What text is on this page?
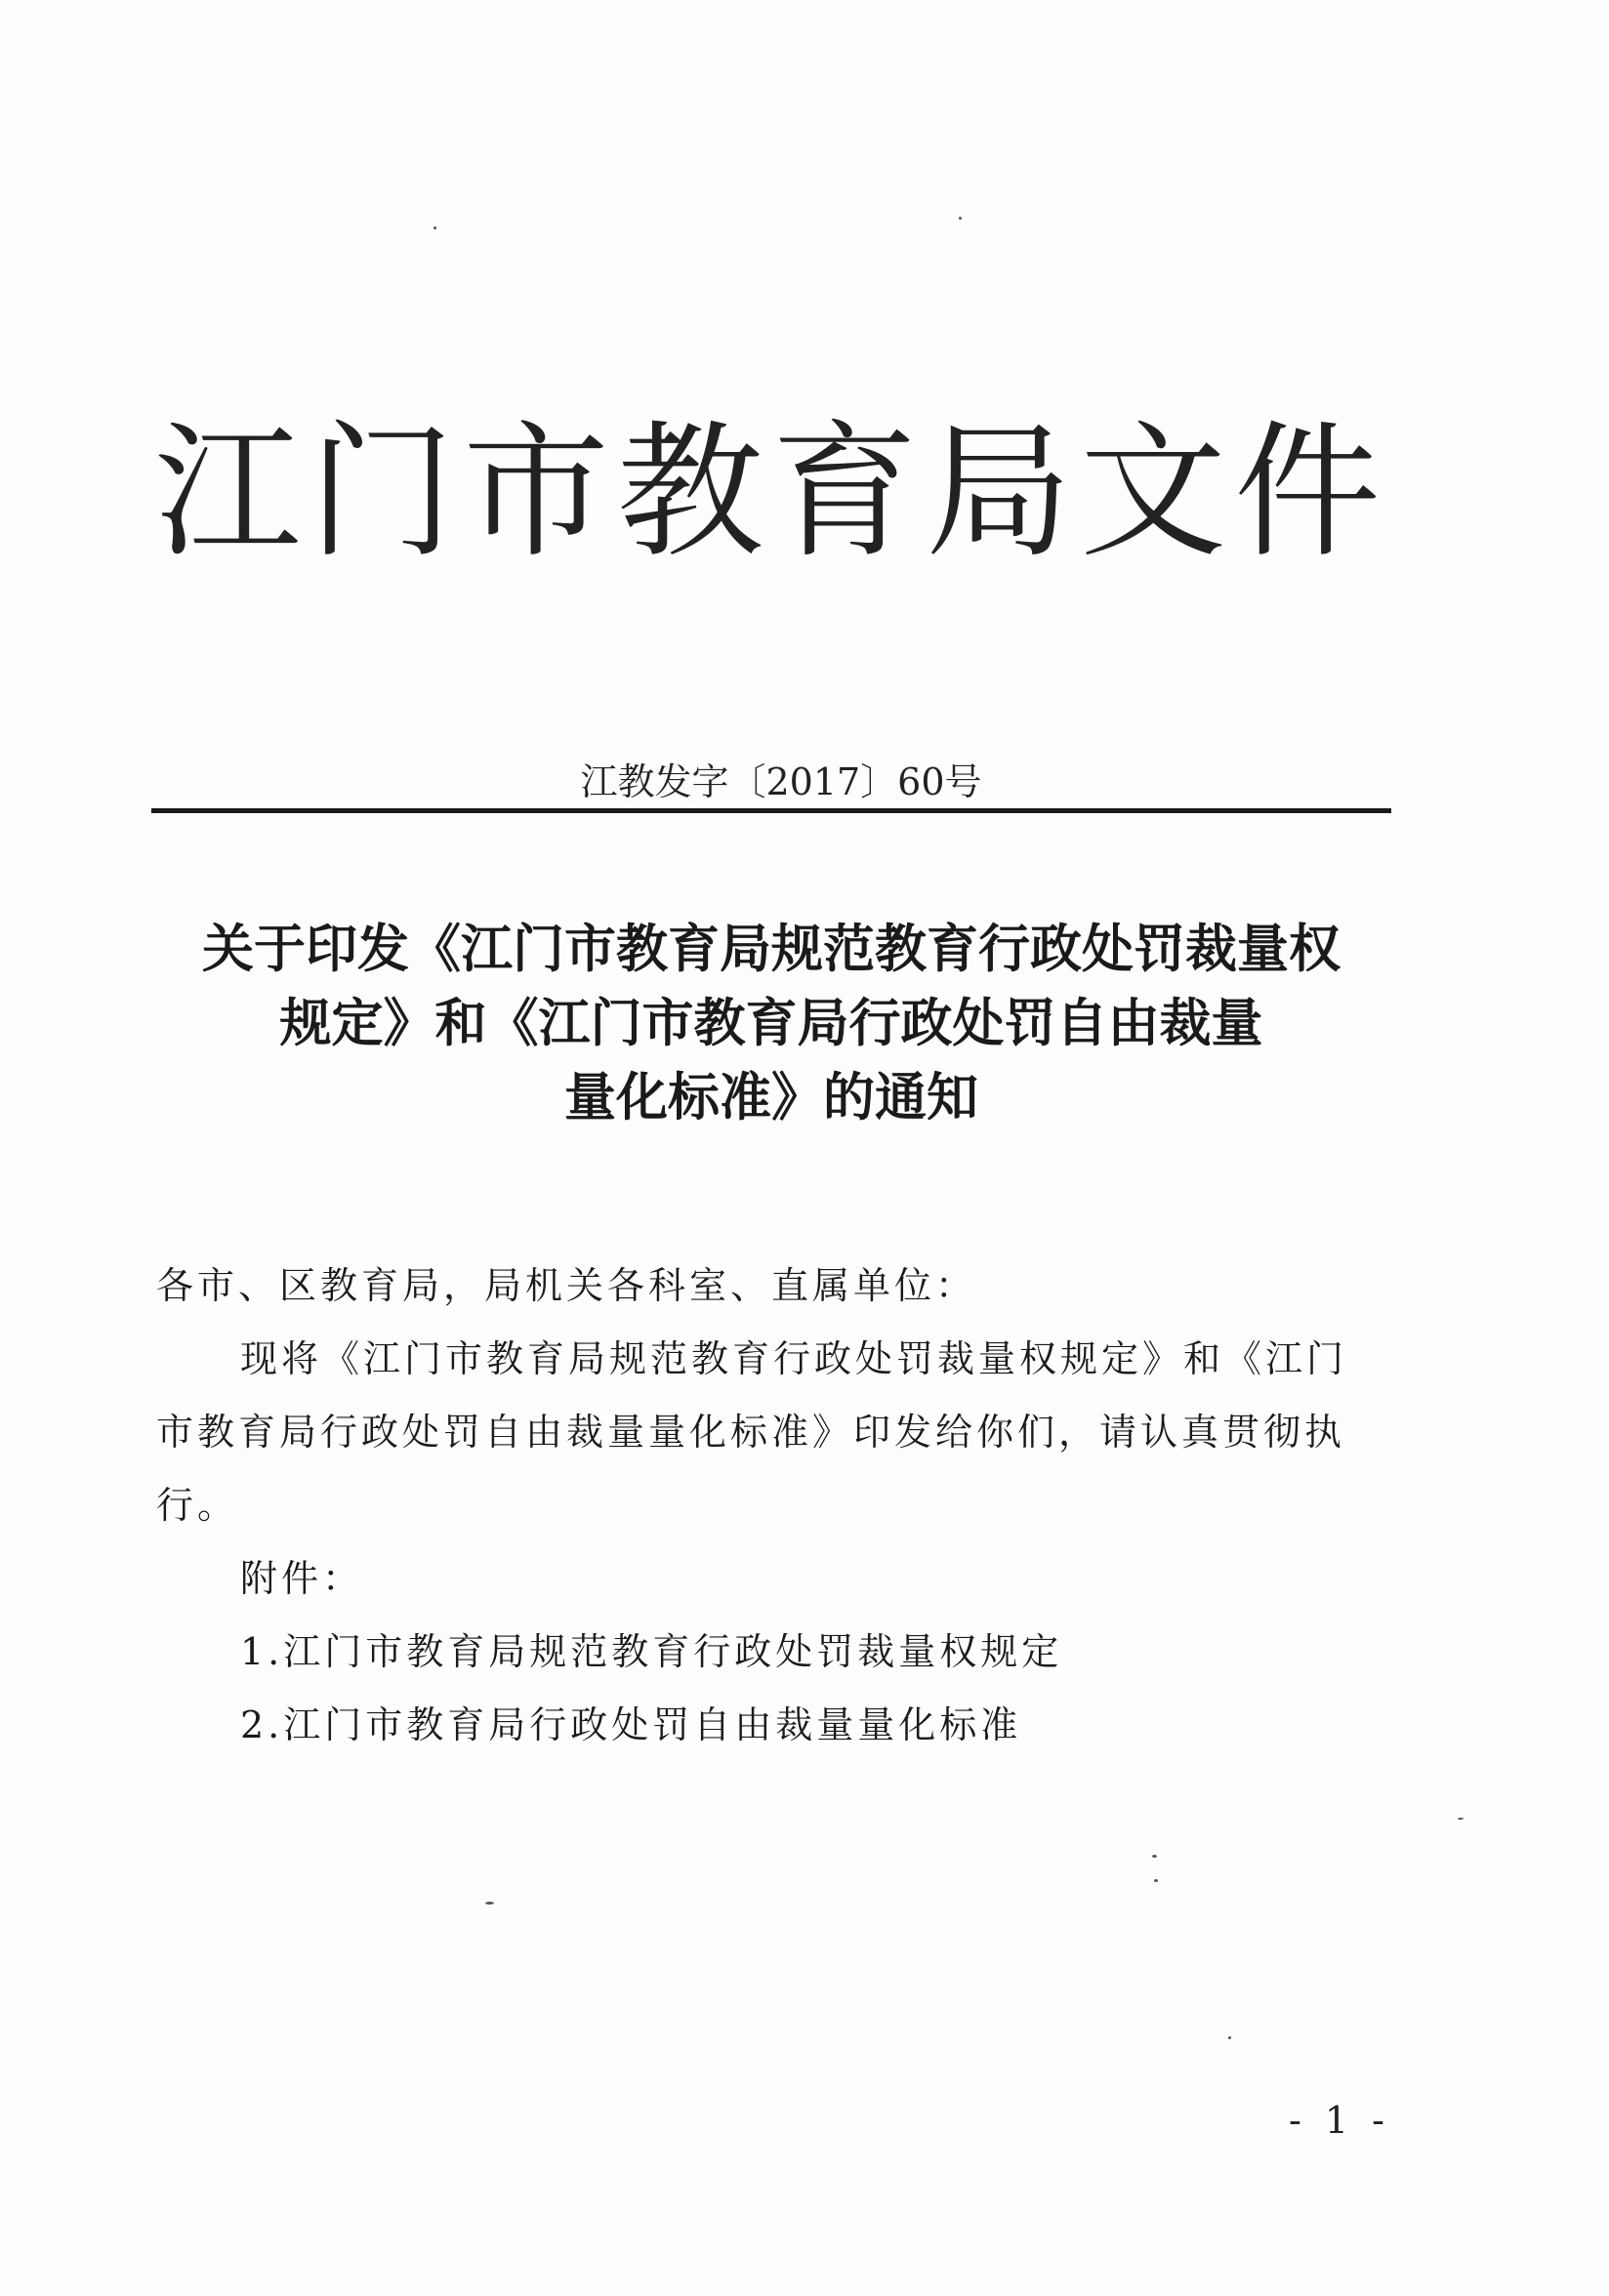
江门市教育局文件
江教发字〔2017〕60号
关于印发《江门市教育局规范教育行政处罚裁量权
规定》和《江门市教育局行政处罚自由裁量
量化标准》的通知

各市、区教育局，局机关各科室、直属单位：

现将《江门市教育局规范教育行政处罚裁量权规定》和《江门市教育局行政处罚自由裁量量化标准》印发给你们，请认真贯彻执行。

附件：

1.江门市教育局规范教育行政处罚裁量权规定

2.江门市教育局行政处罚自由裁量量化标准

- 1 -
